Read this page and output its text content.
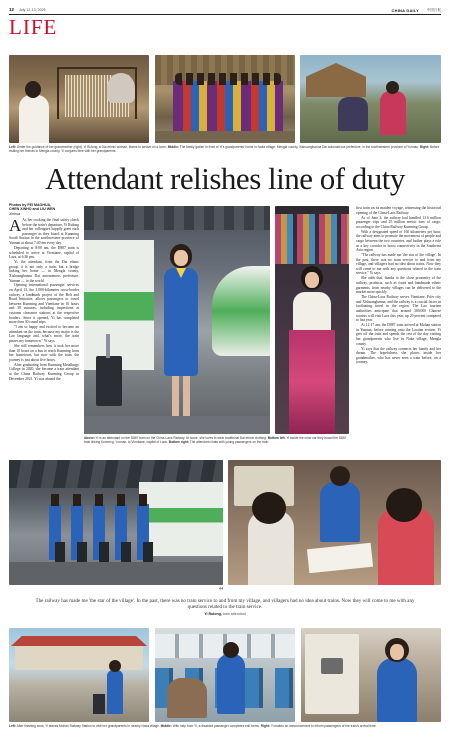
12 July 12-13, 2025	CHINA DAILY 中国日报
LIFE
Left: Under the guidance of her grandmother (right), Yi Rulong, a Dai ethnic woman, learns to weave on a loom. Middle: The family gather in front of Yi's grandparents' home in Naka village, Mengla county, Xishuangbanna Dai autonomous prefecture, in the southwestern province of Yunnan. Right: Before visiting her friends in Mengla county, Yi conjures time with her grandparents.
Attendant relishes line of duty
Photos by FEI MAOHUA,
CHEN XINHO and LIU WEN
Xinhua
A As her cooking the final safety check before the train's departure, Yi Rulong and her colleagues happily greet each passenger as they board at Kunming South Station in the southwestern province of Yunnan at about 7:40 am every day.

Departing at 8:08 am, the D887 train is scheduled to arrive at Vientiane, capital of Laos, at 6:36 pm.

Yi, the attendant, from the Dai ethnic group, it is not only a train, but a bridge linking her home — in Mengla county, Xishuangbanna Dai autonomous prefecture, Yunnan — to the world.

Opening international passenger services on April 13, the 1,000-kilometer cross-border railway, a landmark project of the Belt and Road Initiative, allows passengers to travel between Kunming and Vientiane in 10 hours and 30 minutes, including inspections at customs clearance stations at the respective borders. Since it opened, Yi has completed more than 30 round trips.

"I am so happy and excited to become an attendant on the train, because my major is the Lao language and, what's more, the train passes my hometown," Yi says.

She still remembers how it took her more than 10 hours on a bus to reach Kunming from her hometown, but now with the train, the journey is just about five hours.

After graduating from Kunming Metallurgy College in 2020, she became a train attendant at the China Railway Kunming Group in December 2021. Yi was aboard the

first train on its maiden voyage, witnessing the historical opening of the China-Laos Railway.

As of June 3, the railway had handled 13.6 million passenger trips and 25 million metric tons of cargo, according to the China Railway Kunming Group.

With a designated speed of 160 kilometers per hour, the railway aims to promote the movement of people and cargo between the two countries, and further plays a role as a key corridor to boost connectivity in the Southeast Asia region.

"The railway has made me 'the star of the village'. In the past, there was no train service to and from my village, and villagers had no idea about trains. Now they will come to me with any questions related to the train service," Yi says.

She adds that, thanks to the close proximity of the railway, products, such as fruits and handmade ethnic garments, from nearby villages can be delivered to the market more quickly.

The China-Laos Railway serves Vientiane, Pu'er city and Xishuangbanna, and the railway is a crucial factor in facilitating travel in the region. The Lao tourism authorities anticipate that around 300,000 Chinese tourists will visit Laos this year, up 20 percent compared to last year.

At 12:17 am, the D887 train arrived at Mohan station in Yunnan, before running onto the Laotian section. Yi gets off the train and spends the rest of the day visiting her grandparents who live in Naka village, Mengla county.

Yi says that the railway connects her family and her dream. The hopefulness she places inside her grandmother, who has never seen a train before, on a journey.

Above: Yi is an attendant on the D887 train on the China-Laos Railway. At home, she loves to wear traditional Dai ethnic clothing. Bottom left: Yi inside the crew car they board the D887 train linking Kunming, Yunnan, to Vientiane, capital of Laos. Bottom right: The attendant chats with young passengers on the train.
“
The railway has made me 'the star of the village'. In the past, there was no train service to and from my village, and villagers had no idea about trains. Now they will come to me with any questions related to the train service.
Yi Rulong, train attendant
Left: After finishing work, Yi leaves Mohan Railway Station to visit her grandparents in nearby Naka village. Middle: With help from Yi, a disabled passenger completes exit forms. Right: Yi makes an announcement to inform passengers of the train's arrival time.
